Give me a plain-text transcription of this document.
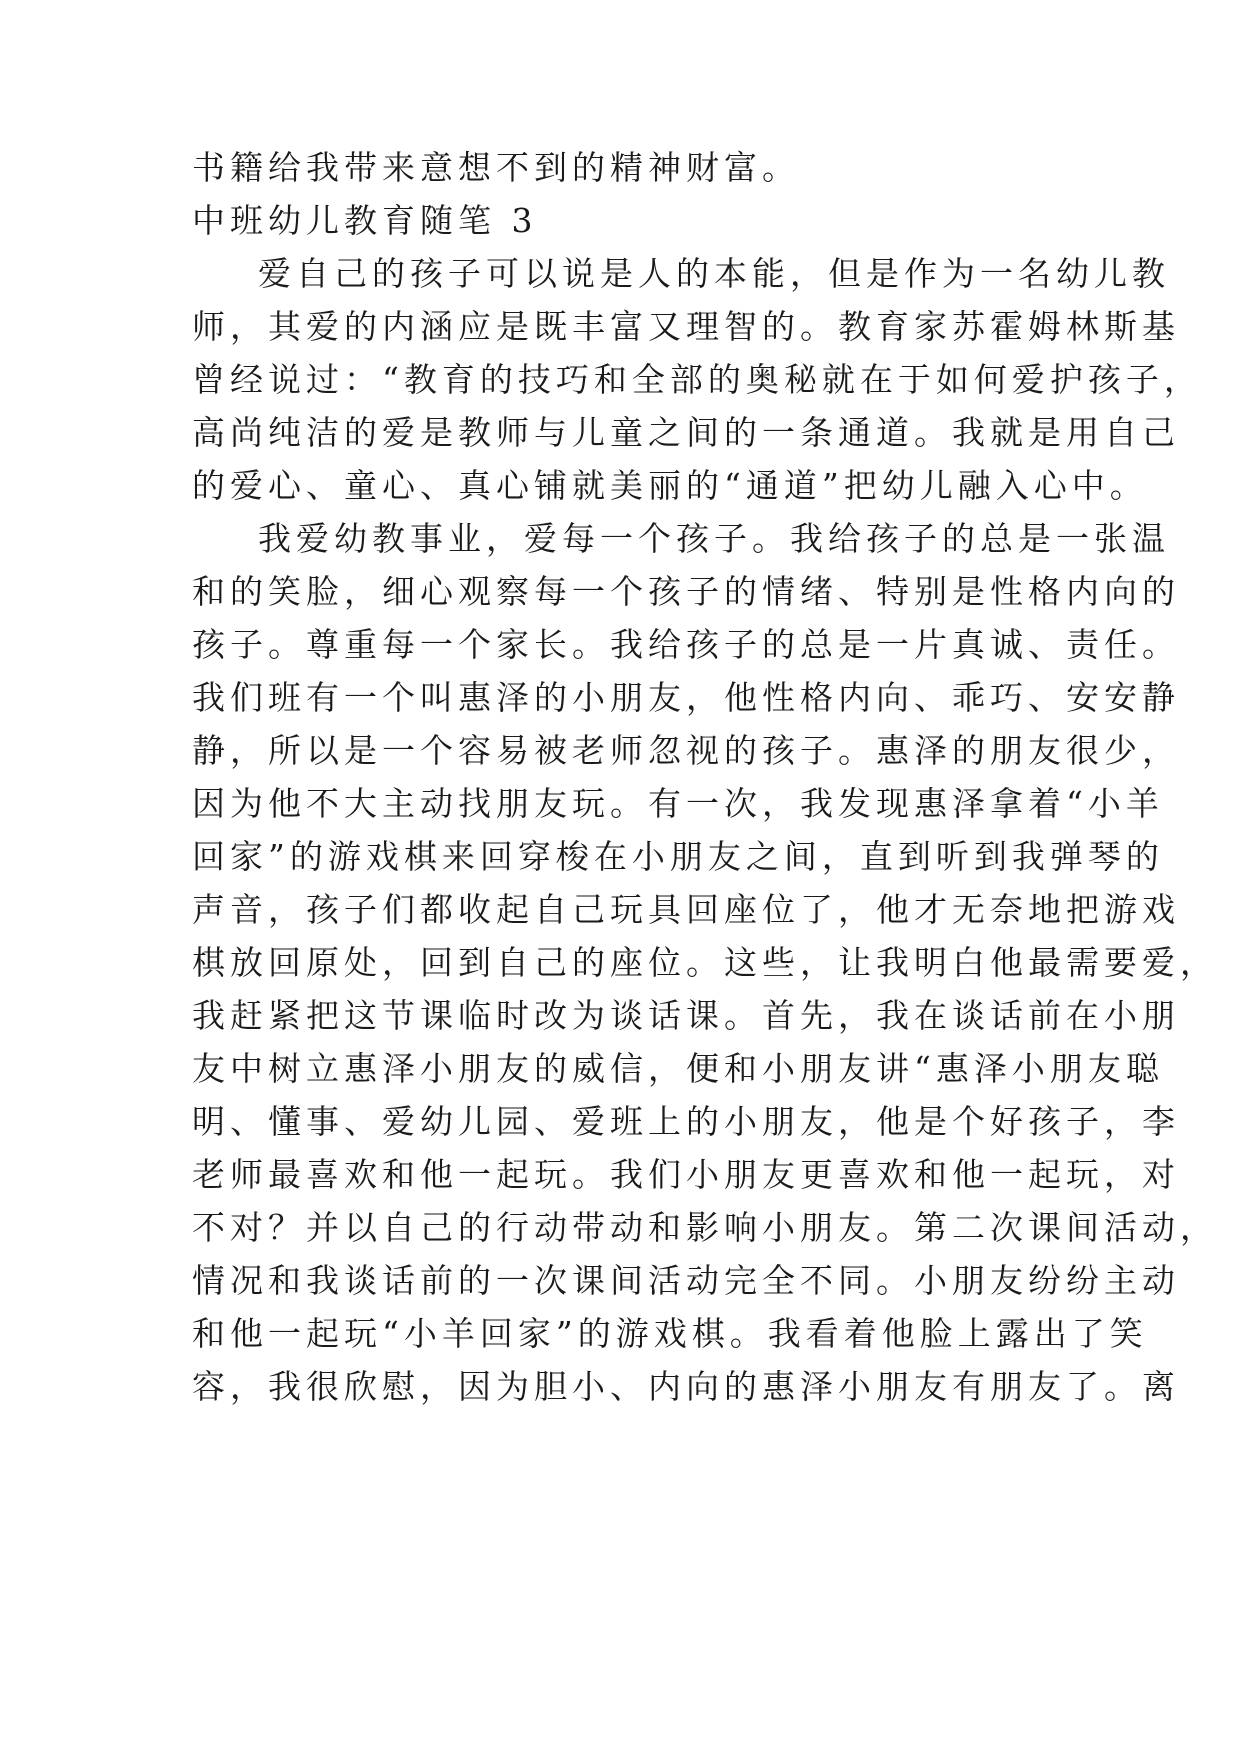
书籍给我带来意想不到的精神财富。
中班幼儿教育随笔 3
爱自己的孩子可以说是人的本能，但是作为一名幼儿教
师，其爱的内涵应是既丰富又理智的。教育家苏霍姆林斯基
曾经说过：“教育的技巧和全部的奥秘就在于如何爱护孩子，
高尚纯洁的爱是教师与儿童之间的一条通道。我就是用自己
的爱心、童心、真心铺就美丽的“通道”把幼儿融入心中。
我爱幼教事业，爱每一个孩子。我给孩子的总是一张温
和的笑脸，细心观察每一个孩子的情绪、特别是性格内向的
孩子。尊重每一个家长。我给孩子的总是一片真诚、责任。
我们班有一个叫惠泽的小朋友，他性格内向、乖巧、安安静
静，所以是一个容易被老师忽视的孩子。惠泽的朋友很少，
因为他不大主动找朋友玩。有一次，我发现惠泽拿着“小羊
回家”的游戏棋来回穿梭在小朋友之间，直到听到我弹琴的
声音，孩子们都收起自己玩具回座位了，他才无奈地把游戏
棋放回原处，回到自己的座位。这些，让我明白他最需要爱，
我赶紧把这节课临时改为谈话课。首先，我在谈话前在小朋
友中树立惠泽小朋友的威信，便和小朋友讲“惠泽小朋友聪
明、懂事、爱幼儿园、爱班上的小朋友，他是个好孩子，李
老师最喜欢和他一起玩。我们小朋友更喜欢和他一起玩，对
不对？并以自己的行动带动和影响小朋友。第二次课间活动，
情况和我谈话前的一次课间活动完全不同。小朋友纷纷主动
和他一起玩“小羊回家”的游戏棋。我看着他脸上露出了笑
容，我很欣慰，因为胆小、内向的惠泽小朋友有朋友了。离
